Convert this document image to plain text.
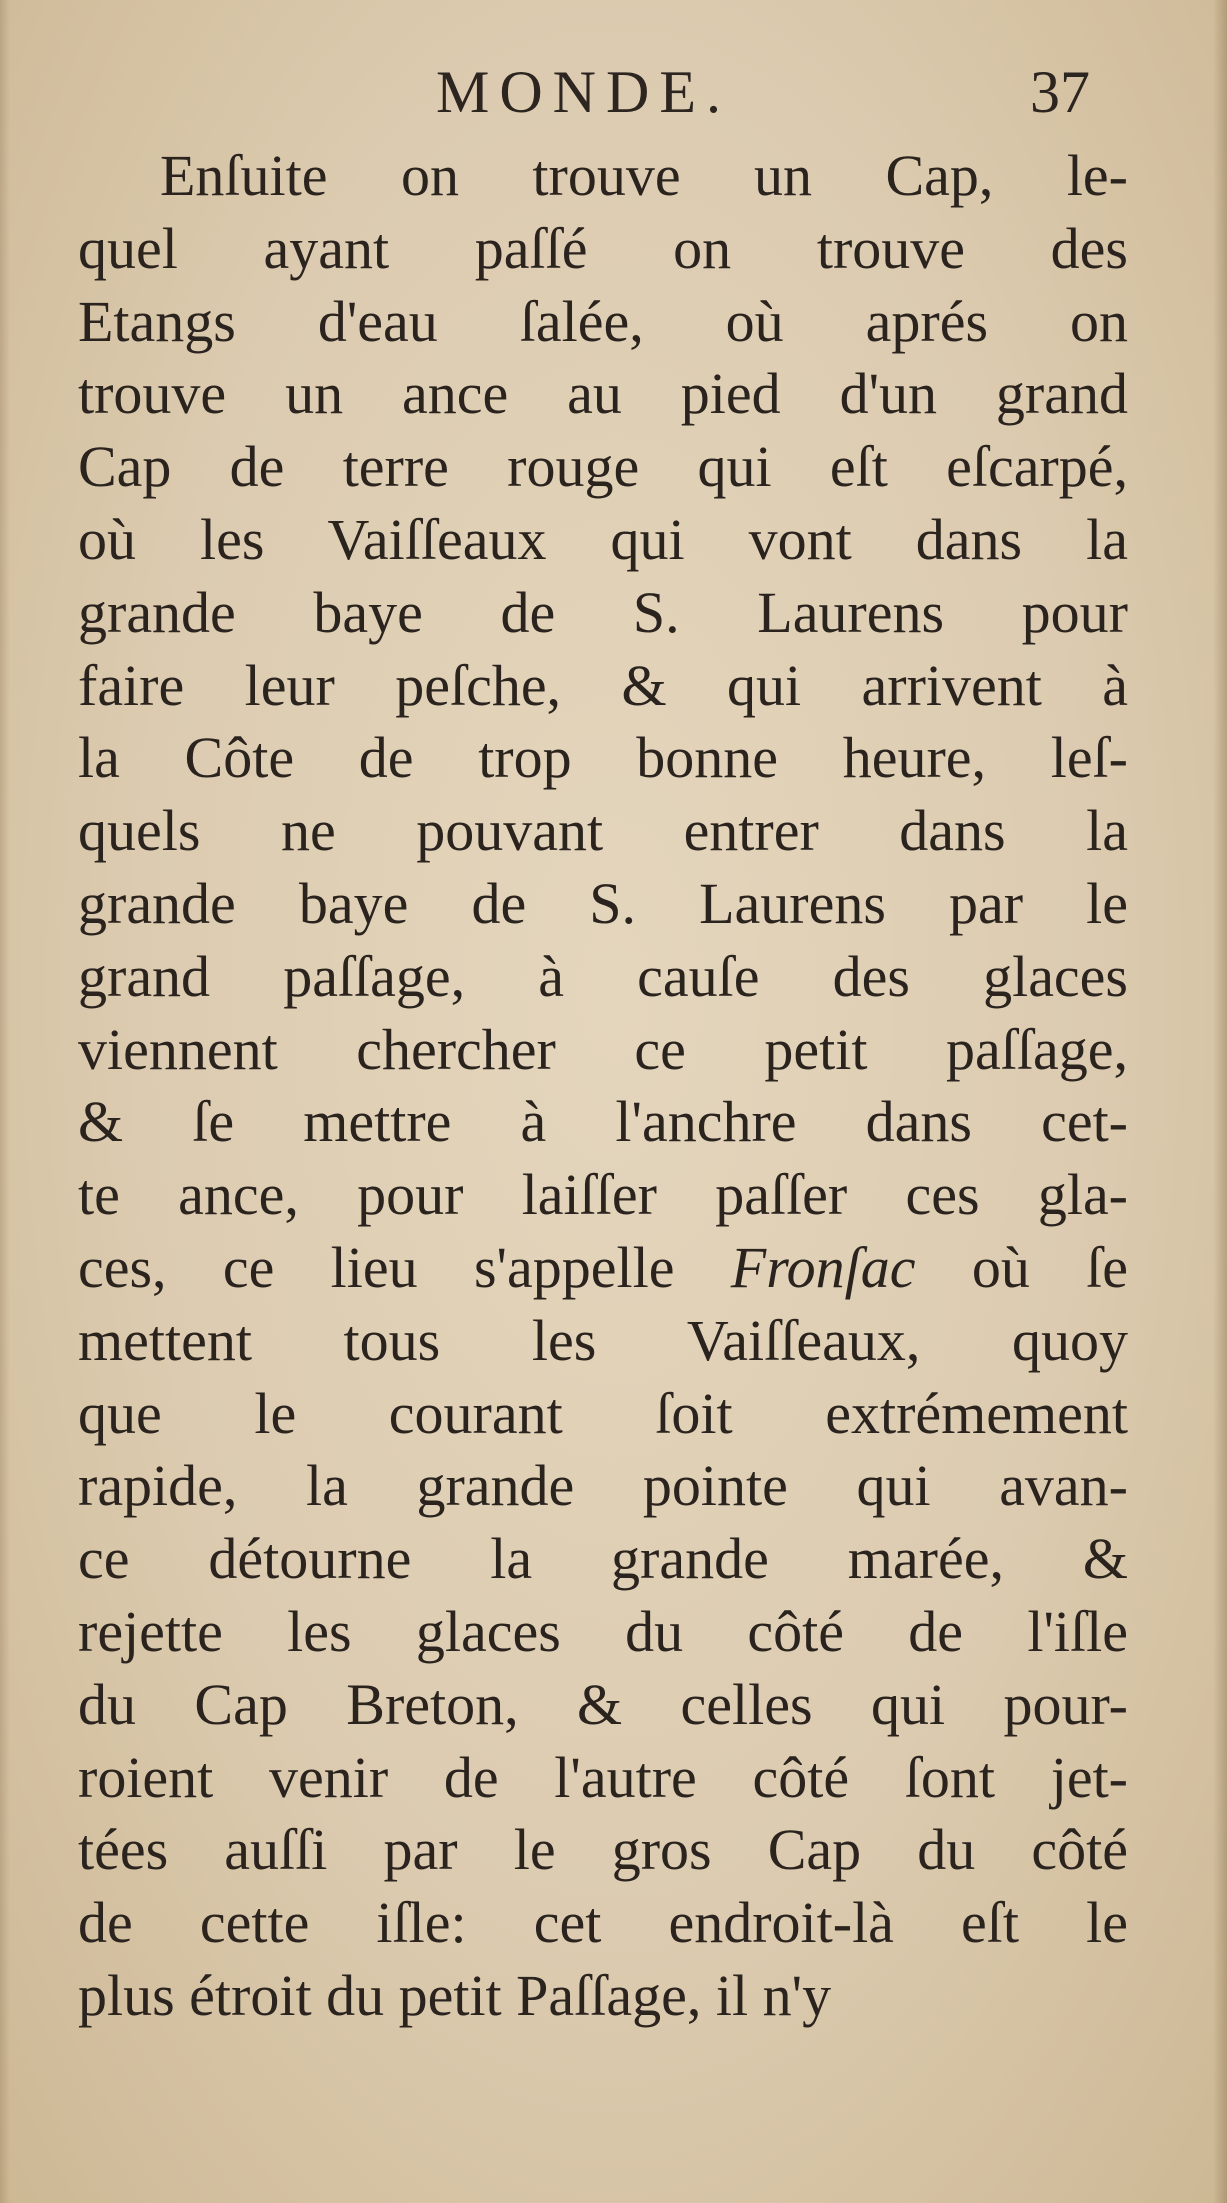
MONDE.	37
Enſuite on trouve un Cap, le-
quel ayant paſſé on trouve des
Etangs d'eau ſalée, où aprés on
trouve un ance au pied d'un grand
Cap de terre rouge qui eſt eſcarpé,
où les Vaiſſeaux qui vont dans la
grande baye de S. Laurens pour
faire leur peſche, & qui arrivent à
la Côte de trop bonne heure, leſ-
quels ne pouvant entrer dans la
grande baye de S. Laurens par le
grand paſſage, à cauſe des glaces
viennent chercher ce petit paſſage,
& ſe mettre à l'anchre dans cet-
te ance, pour laiſſer paſſer ces gla-
ces, ce lieu s'appelle Fronſac où ſe
mettent tous les Vaiſſeaux, quoy
que le courant ſoit extrémement
rapide, la grande pointe qui avan-
ce détourne la grande marée, &
rejette les glaces du côté de l'iſle
du Cap Breton, & celles qui pour-
roient venir de l'autre côté ſont jet-
tées auſſi par le gros Cap du côté
de cette iſle: cet endroit-là eſt le
plus étroit du petit Paſſage, il n'y
